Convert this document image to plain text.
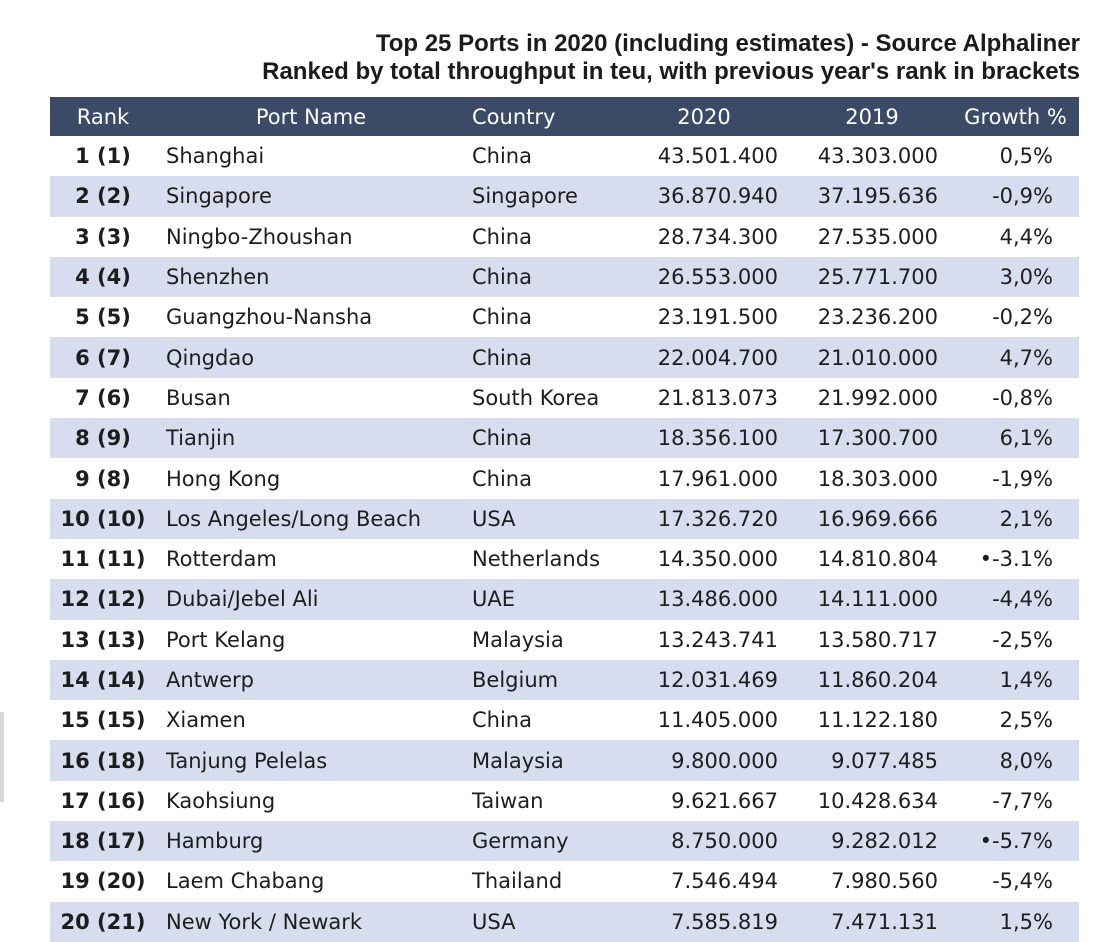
Top 25 Ports in 2020 (including estimates) - Source Alphaliner
Ranked by total throughput in teu, with previous year's rank in brackets
Rank	Port Name	Country	2020	2019	Growth %
1 (1)	Shanghai	China	43.501.400	43.303.000	0,5%
2 (2)	Singapore	Singapore	36.870.940	37.195.636	-0,9%
3 (3)	Ningbo-Zhoushan	China	28.734.300	27.535.000	4,4%
4 (4)	Shenzhen	China	26.553.000	25.771.700	3,0%
5 (5)	Guangzhou-Nansha	China	23.191.500	23.236.200	-0,2%
6 (7)	Qingdao	China	22.004.700	21.010.000	4,7%
7 (6)	Busan	South Korea	21.813.073	21.992.000	-0,8%
8 (9)	Tianjin	China	18.356.100	17.300.700	6,1%
9 (8)	Hong Kong	China	17.961.000	18.303.000	-1,9%
10 (10)	Los Angeles/Long Beach	USA	17.326.720	16.969.666	2,1%
11 (11)	Rotterdam	Netherlands	14.350.000	14.810.804	•-3.1%
12 (12)	Dubai/Jebel Ali	UAE	13.486.000	14.111.000	-4,4%
13 (13)	Port Kelang	Malaysia	13.243.741	13.580.717	-2,5%
14 (14)	Antwerp	Belgium	12.031.469	11.860.204	1,4%
15 (15)	Xiamen	China	11.405.000	11.122.180	2,5%
16 (18)	Tanjung Pelelas	Malaysia	9.800.000	9.077.485	8,0%
17 (16)	Kaohsiung	Taiwan	9.621.667	10.428.634	-7,7%
18 (17)	Hamburg	Germany	8.750.000	9.282.012	•-5.7%
19 (20)	Laem Chabang	Thailand	7.546.494	7.980.560	-5,4%
20 (21)	New York / Newark	USA	7.585.819	7.471.131	1,5%
